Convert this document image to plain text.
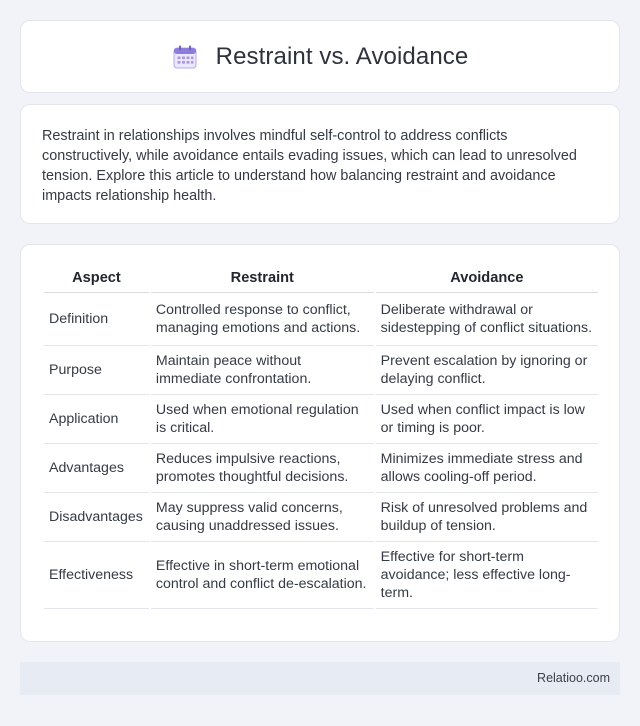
Restraint vs. Avoidance
Restraint in relationships involves mindful self-control to address conflicts constructively, while avoidance entails evading issues, which can lead to unresolved tension. Explore this article to understand how balancing restraint and avoidance impacts relationship health.
Aspect	Restraint	Avoidance
Definition	Controlled response to conflict, managing emotions and actions.	Deliberate withdrawal or sidestepping of conflict situations.
Purpose	Maintain peace without immediate confrontation.	Prevent escalation by ignoring or delaying conflict.
Application	Used when emotional regulation is critical.	Used when conflict impact is low or timing is poor.
Advantages	Reduces impulsive reactions, promotes thoughtful decisions.	Minimizes immediate stress and allows cooling-off period.
Disadvantages	May suppress valid concerns, causing unaddressed issues.	Risk of unresolved problems and buildup of tension.
Effectiveness	Effective in short-term emotional control and conflict de-escalation.	Effective for short-term avoidance; less effective long-term.
Relatioo.com
